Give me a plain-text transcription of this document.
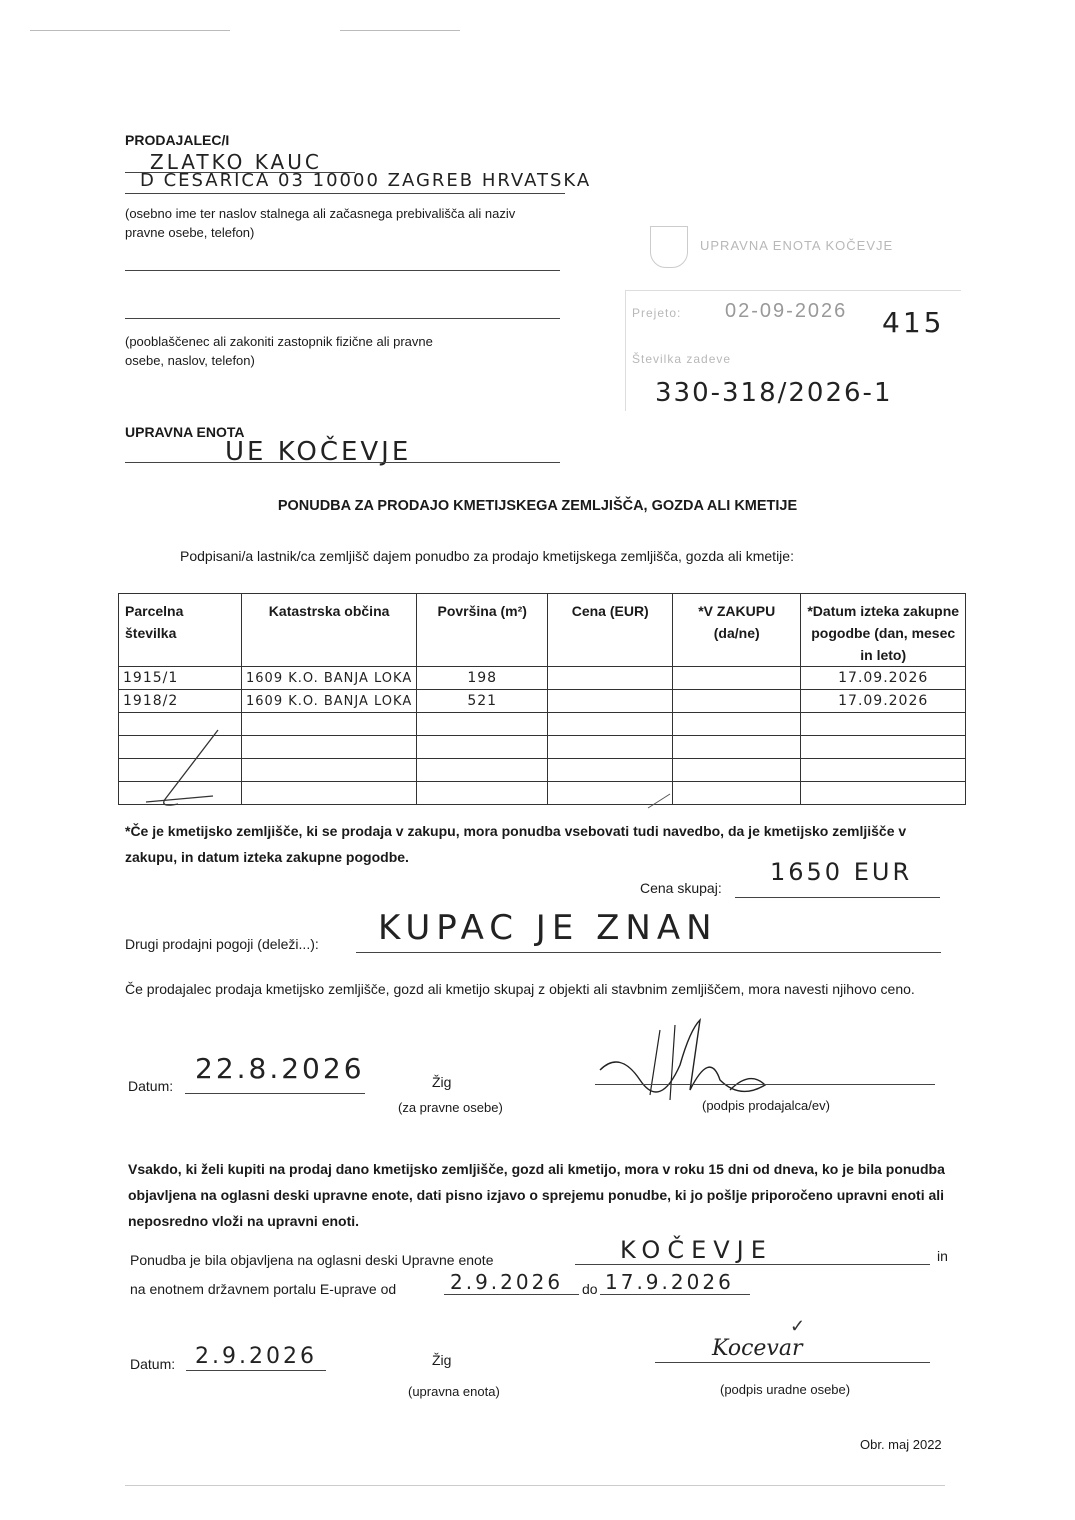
PRODAJALEC/I
ZLATKO KAUC
D CESARICA 03 10000 ZAGREB HRVATSKA
(osebno ime ter naslov stalnega ali začasnega prebivališča ali naziv pravne osebe, telefon)
(pooblaščenec ali zakoniti zastopnik fizične ali pravne osebe, naslov, telefon)
UPRAVNA ENOTA KOČEVJE
Prejeto: 02-09-2026 415
Številka zadeve
330-318/2026-1
UPRAVNA ENOTA
UE KOČEVJE
PONUDBA ZA PRODAJO KMETIJSKEGA ZEMLJIŠČA, GOZDA ALI KMETIJE
Podpisani/a lastnik/ca zemljišč dajem ponudbo za prodajo kmetijskega zemljišča, gozda ali kmetije:
Parcelna številka	Katastrska občina	Površina (m²)	Cena (EUR)	*V ZAKUPU (da/ne)	*Datum izteka zakupne pogodbe (dan, mesec in leto)
1915/1	1609 K.O. BANJA LOKA	198			17.09.2026
1918/2	1609 K.O. BANJA LOKA	521			17.09.2026

*Če je kmetijsko zemljišče, ki se prodaja v zakupu, mora ponudba vsebovati tudi navedbo, da je kmetijsko zemljišče v zakupu, in datum izteka zakupne pogodbe.
Cena skupaj:
1650 EUR
Drugi prodajni pogoji (deleži...): KUPAC JE ZNAN
Če prodajalec prodaja kmetijsko zemljišče, gozd ali kmetijo skupaj z objekti ali stavbnim zemljiščem, mora navesti njihovo ceno.
Datum:
22.8.2026	Žig
(za pravne osebe)	(podpis prodajalca/ev)
Vsakdo, ki želi kupiti na prodaj dano kmetijsko zemljišče, gozd ali kmetijo, mora v roku 15 dni od dneva, ko je bila ponudba objavljena na oglasni deski upravne enote, dati pisno izjavo o sprejemu ponudbe, ki jo pošlje priporočeno upravni enoti ali neposredno vloži na upravni enoti.
Ponudba je bila objavljena na oglasni deski Upravne enote	KOČEVJE	in
na enotnem državnem portalu E-uprave od	2.9.2026 do 17.9.2026
Datum: 2.9.2026	Žig
(upravna enota)
✓
Kocevar
(podpis uradne osebe)
Obr. maj 2022
